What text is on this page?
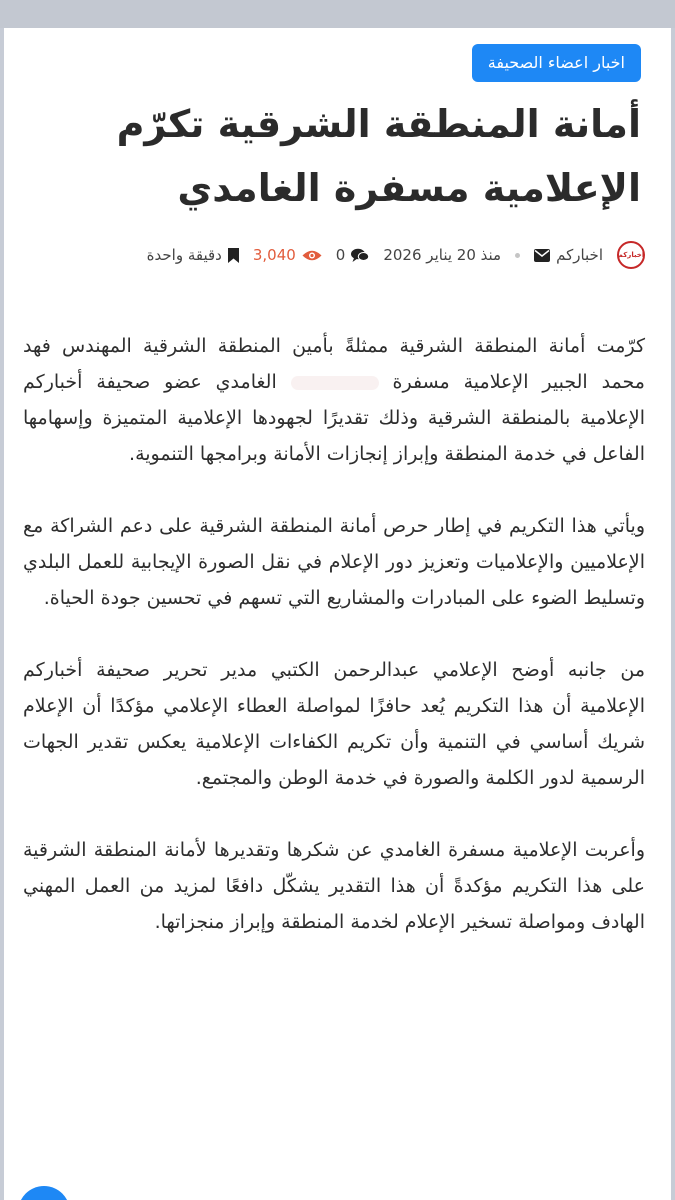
اخبار اعضاء الصحيفة
أمانة المنطقة الشرقية تكرّم الإعلامية مسفرة الغامدي
أخباركم
اخباركم
منذ 20 يناير 2026
0
3,040
دقيقة واحدة

كرّمت أمانة المنطقة الشرقية ممثلةً بأمين المنطقة الشرقية المهندس فهد محمد الجبير الإعلامية مسفرة  الغامدي عضو صحيفة أخباركم الإعلامية بالمنطقة الشرقية وذلك تقديرًا لجهودها الإعلامية المتميزة وإسهامها الفاعل في خدمة المنطقة وإبراز إنجازات الأمانة وبرامجها التنموية.

ويأتي هذا التكريم في إطار حرص أمانة المنطقة الشرقية على دعم الشراكة مع الإعلاميين والإعلاميات وتعزيز دور الإعلام في نقل الصورة الإيجابية للعمل البلدي وتسليط الضوء على المبادرات والمشاريع التي تسهم في تحسين جودة الحياة.

من جانبه أوضح الإعلامي عبدالرحمن الكتبي مدير تحرير صحيفة أخباركم الإعلامية أن هذا التكريم يُعد حافزًا لمواصلة العطاء الإعلامي مؤكدًا أن الإعلام شريك أساسي في التنمية وأن تكريم الكفاءات الإعلامية يعكس تقدير الجهات الرسمية لدور الكلمة والصورة في خدمة الوطن والمجتمع.

وأعربت الإعلامية مسفرة الغامدي عن شكرها وتقديرها لأمانة المنطقة الشرقية على هذا التكريم مؤكدةً أن هذا التقدير يشكّل دافعًا لمزيد من العمل المهني الهادف ومواصلة تسخير الإعلام لخدمة المنطقة وإبراز منجزاتها.
